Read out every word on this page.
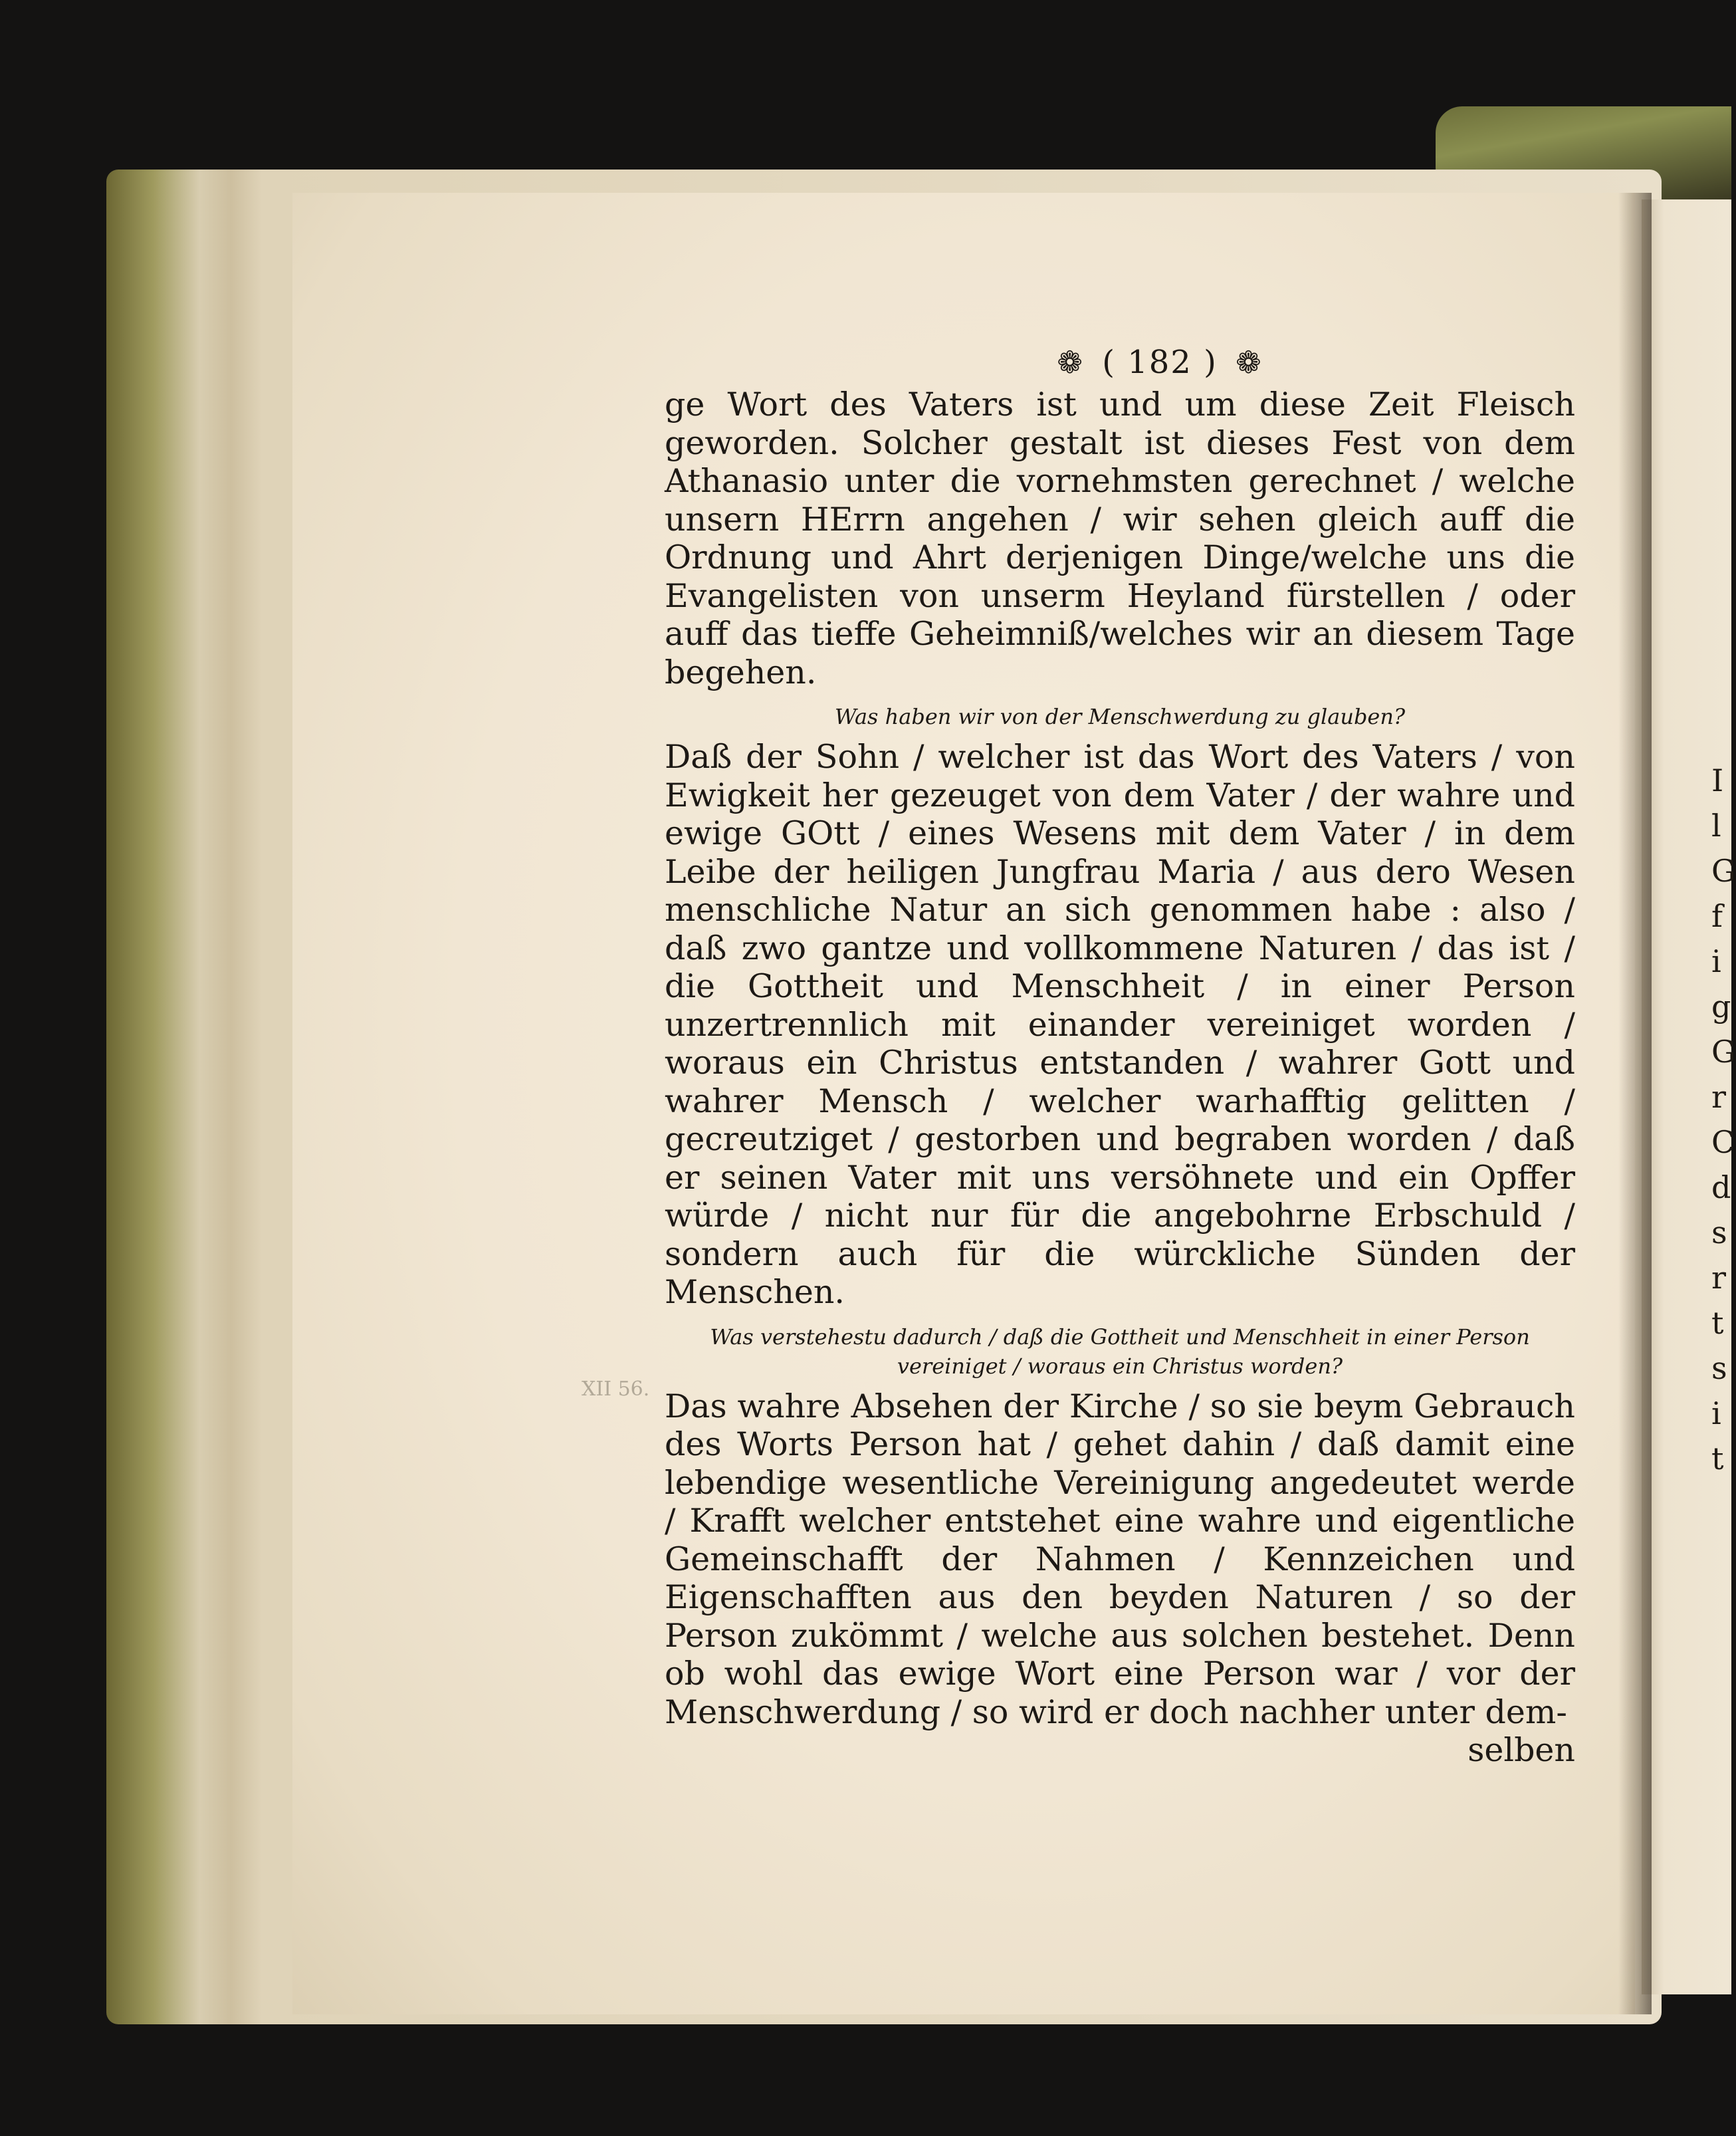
I
l
G
f
i
g
G
r
C
d
s
r
t
s
i
t
XII 56.
❁ ( 182 ) ❁

ge Wort des Vaters ist und um diese Zeit Fleisch geworden. Solcher gestalt ist dieses Fest von dem Athanasio unter die vornehmsten gerechnet / welche unsern HErrn angehen / wir sehen gleich auff die Ordnung und Ahrt derjenigen Dinge/welche uns die Evangelisten von unserm Heyland fürstellen / oder auff das tieffe Geheimniß/welches wir an diesem Tage begehen.

Was haben wir von der Menschwerdung zu glauben?

Daß der Sohn / welcher ist das Wort des Vaters / von Ewigkeit her gezeuget von dem Vater / der wahre und ewige GOtt / eines Wesens mit dem Vater / in dem Leibe der heiligen Jungfrau Maria / aus dero Wesen menschliche Natur an sich genommen habe : also / daß zwo gantze und vollkommene Naturen / das ist / die Gottheit und Menschheit / in einer Person unzertrennlich mit einander vereiniget worden / woraus ein Christus entstanden / wahrer Gott und wahrer Mensch / welcher warhafftig gelitten / gecreutziget / gestorben und begraben worden / daß er seinen Vater mit uns versöhnete und ein Opffer würde / nicht nur für die angebohrne Erbschuld / sondern auch für die würckliche Sünden der Menschen.

Was verstehestu dadurch / daß die Gottheit und Menschheit in einer Person vereiniget / woraus ein Christus worden?

Das wahre Absehen der Kirche / so sie beym Gebrauch des Worts Person hat / gehet dahin / daß damit eine lebendige wesentliche Vereinigung angedeutet werde / Krafft welcher entstehet eine wahre und eigentliche Gemeinschafft der Nahmen / Kennzeichen und Eigenschafften aus den beyden Naturen / so der Person zukömmt / welche aus solchen bestehet. Denn ob wohl das ewige Wort eine Person war / vor der Menschwerdung / so wird er doch nachher unter dem-

selben
